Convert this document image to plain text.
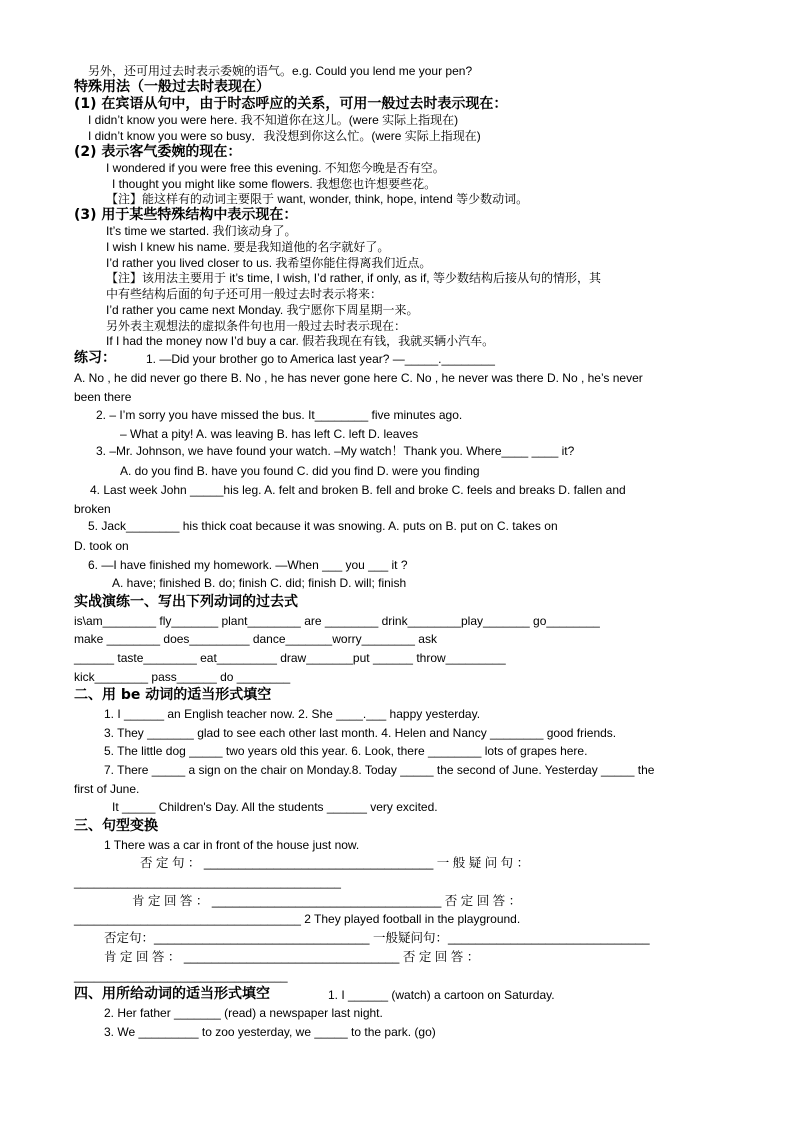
另外，还可用过去时表示委婉的语气。e.g. Could you lend me your pen?
特殊用法（一般过去时表现在）
(1) 在宾语从句中，由于时态呼应的关系，可用一般过去时表示现在：
I didn’t know you were here. 我不知道你在这儿。(were 实际上指现在)
I didn’t know you were so busy．我没想到你这么忙。(were 实际上指现在)
(2) 表示客气委婉的现在：
I wondered if you were free this evening. 不知您今晚是否有空。
I thought you might like some flowers. 我想您也许想要些花。
【注】能这样有的动词主要限于 want, wonder, think, hope, intend 等少数动词。
(3) 用于某些特殊结构中表示现在：
It’s time we started. 我们该动身了。
I wish I knew his name. 要是我知道他的名字就好了。
I’d rather you lived closer to us. 我希望你能住得离我们近点。
【注】该用法主要用于 it’s time, I wish, I’d rather, if only, as if, 等少数结构后接从句的情形，其
中有些结构后面的句子还可用一般过去时表示将来：
I’d rather you came next Monday. 我宁愿你下周星期一来。
另外表主观想法的虚拟条件句也用一般过去时表示现在：
If I had the money now I’d buy a car. 假若我现在有钱，我就买辆小汽车。
练习：	1. —Did your brother go to America last year? —_____.________
A. No , he did never go there B. No , he has never gone here C. No , he never was there D. No , he’s never
been there
2. – I’m sorry you have missed the bus. It________ five minutes ago.
– What a pity! A. was leaving B. has left C. left D. leaves
3. –Mr. Johnson, we have found your watch. –My watch！Thank you. Where____ ____ it?
A. do you find B. have you found C. did you find D. were you finding
4. Last week John _____his leg. A. felt and broken B. fell and broke C. feels and breaks D. fallen and
broken
5. Jack________ his thick coat because it was snowing. A. puts on B. put on C. takes on
D. took on
6. —I have finished my homework. —When ___ you ___ it ?
A. have; finished B. do; finish C. did; finish D. will; finish
实战演练一、写出下列动词的过去式
is\am________ fly_______ plant________ are ________ drink________play_______ go________
make ________ does_________ dance_______worry________ ask
______ taste________ eat_________ draw_______put ______ throw_________
kick________ pass______ do ________
二、用 be 动词的适当形式填空
1. I ______ an English teacher now. 2. She ____.___ happy yesterday.
3. They _______ glad to see each other last month. 4. Helen and Nancy ________ good friends.
5. The little dog _____ two years old this year. 6. Look, there ________ lots of grapes here.
7. There _____ a sign on the chair on Monday.8. Today _____ the second of June. Yesterday _____ the
first of June.
It _____ Children's Day. All the students ______ very excited.
三、句型变换
1 There was a car in front of the house just now.
否 定 句 ： _________________________________ 一 般 疑 问 句 ：
________________________________________
肯 定 回 答 ： _________________________________ 否 定 回 答 ：
__________________________________ 2 They played football in the playground.
否定句：_______________________________ 一般疑问句：_____________________________
肯 定 回 答 ： _______________________________ 否 定 回 答 ：
________________________________
四、用所给动词的适当形式填空	1. I ______ (watch) a cartoon on Saturday.
2. Her father _______ (read) a newspaper last night.
3. We _________ to zoo yesterday, we _____ to the park. (go)
